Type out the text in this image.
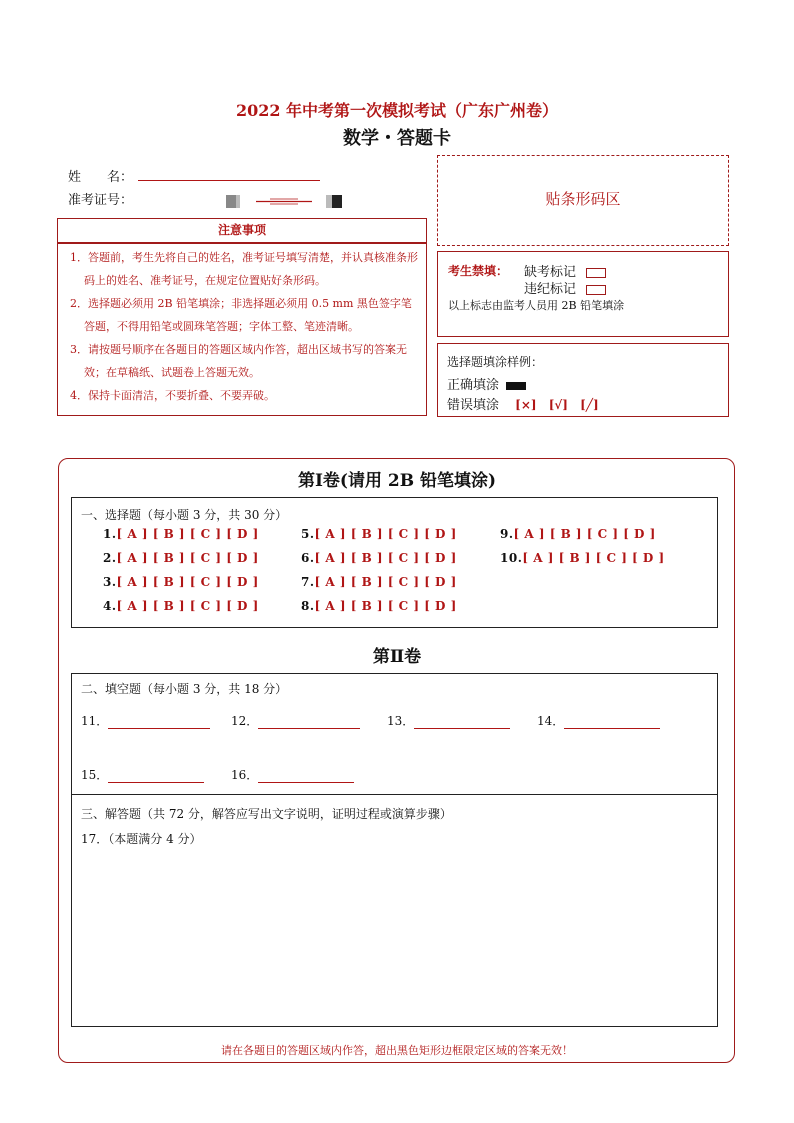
2022 年中考第一次模拟考试（广东广州卷）
数学・答题卡
姓　　名：
准考证号：	贴条形码区
注意事项
1．答题前，考生先将自己的姓名，准考证号填写清楚，并认真核准条形码上的姓名、准考证号，在规定位置贴好条形码。
2．选择题必须用 2B 铅笔填涂；非选择题必须用 0.5 mm 黑色签字笔答题，不得用铅笔或圆珠笔答题；字体工整、笔迹清晰。
3．请按题号顺序在各题目的答题区域内作答，超出区域书写的答案无效；在草稿纸、试题卷上答题无效。
4．保持卡面清洁，不要折叠、不要弄破。
考生禁填： 缺考标记
违纪标记
以上标志由监考人员用 2B 铅笔填涂
选择题填涂样例：
正确填涂
错误填涂 [×] [√] [╱]
第Ⅰ卷(请用 2B 铅笔填涂)
一、选择题（每小题 3 分，共 30 分）
1.[ A ] [ B ] [ C ] [ D ]
2.[ A ] [ B ] [ C ] [ D ]
3.[ A ] [ B ] [ C ] [ D ]
4.[ A ] [ B ] [ C ] [ D ]
5.[ A ] [ B ] [ C ] [ D ]
6.[ A ] [ B ] [ C ] [ D ]
7.[ A ] [ B ] [ C ] [ D ]
8.[ A ] [ B ] [ C ] [ D ]
9.[ A ] [ B ] [ C ] [ D ]
10.[ A ] [ B ] [ C ] [ D ]
第Ⅱ卷
二、填空题（每小题 3 分，共 18 分）
11．	12．	13．	14．
15．	16．
三、解答题（共 72 分，解答应写出文字说明，证明过程或演算步骤）
17．（本题满分 4 分）
请在各题目的答题区域内作答，超出黑色矩形边框限定区域的答案无效！
